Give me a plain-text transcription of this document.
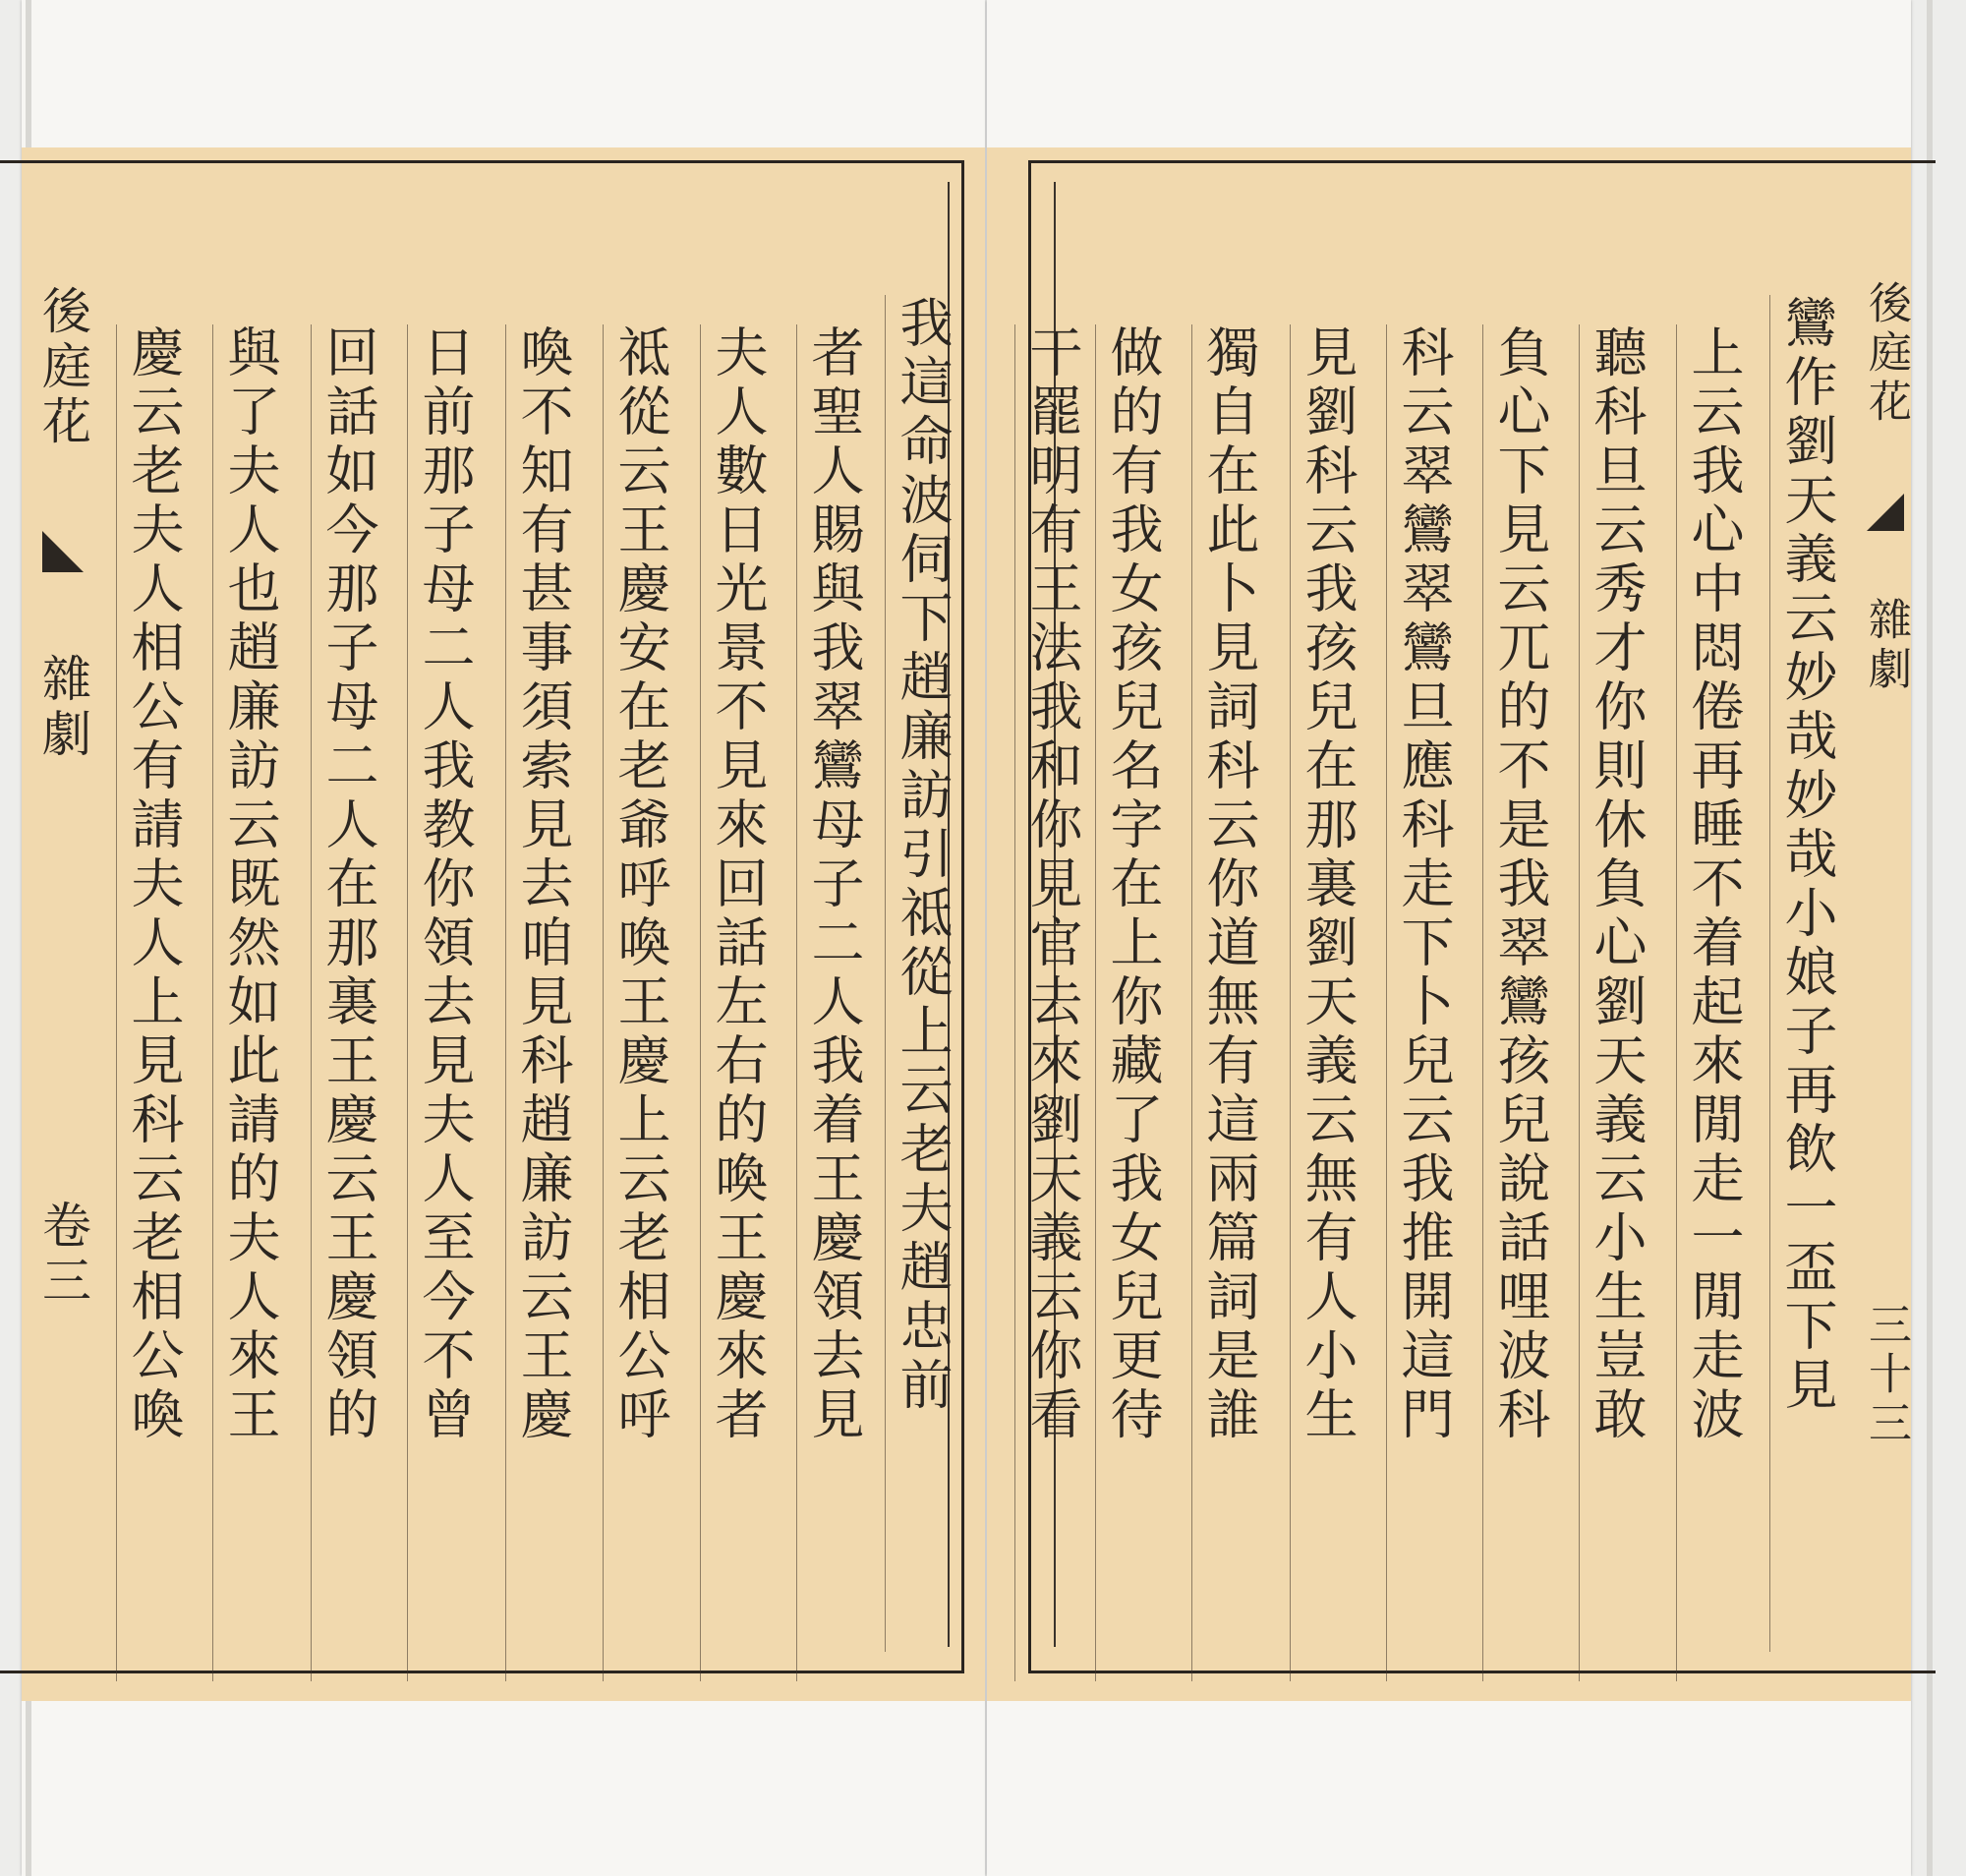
後庭花  雜劇 卷三	我這命波伺下趙廉訪引祗從上云老夫趙忠前
者聖人賜與我翠鸞母子二人我着王慶領去見
夫人數日光景不見來回話左右的喚王慶來者
祗從云王慶安在老爺呼喚王慶上云老相公呼
喚不知有甚事須索見去咱見科趙廉訪云王慶
日前那子母二人我教你領去見夫人至今不曾
回話如今那子母二人在那裏王慶云王慶領的
與了夫人也趙廉訪云既然如此請的夫人來王
慶云老夫人相公有請夫人上見科云老相公喚	後庭花  雜劇 三十三
鸞作劉天義云妙哉妙哉小娘子再飲一盃下見
上云我心中悶倦再睡不着起來閒走一閒走波
聽科旦云秀才你則休負心劉天義云小生豈敢
負心下見云兀的不是我翠鸞孩兒說話哩波科
科云翠鸞翠鸞旦應科走下卜兒云我推開這門
見劉科云我孩兒在那裏劉天義云無有人小生
獨自在此卜見詞科云你道無有這兩篇詞是誰
做的有我女孩兒名字在上你藏了我女兒更待
干罷明有王法我和你見官去來劉天義云你看
